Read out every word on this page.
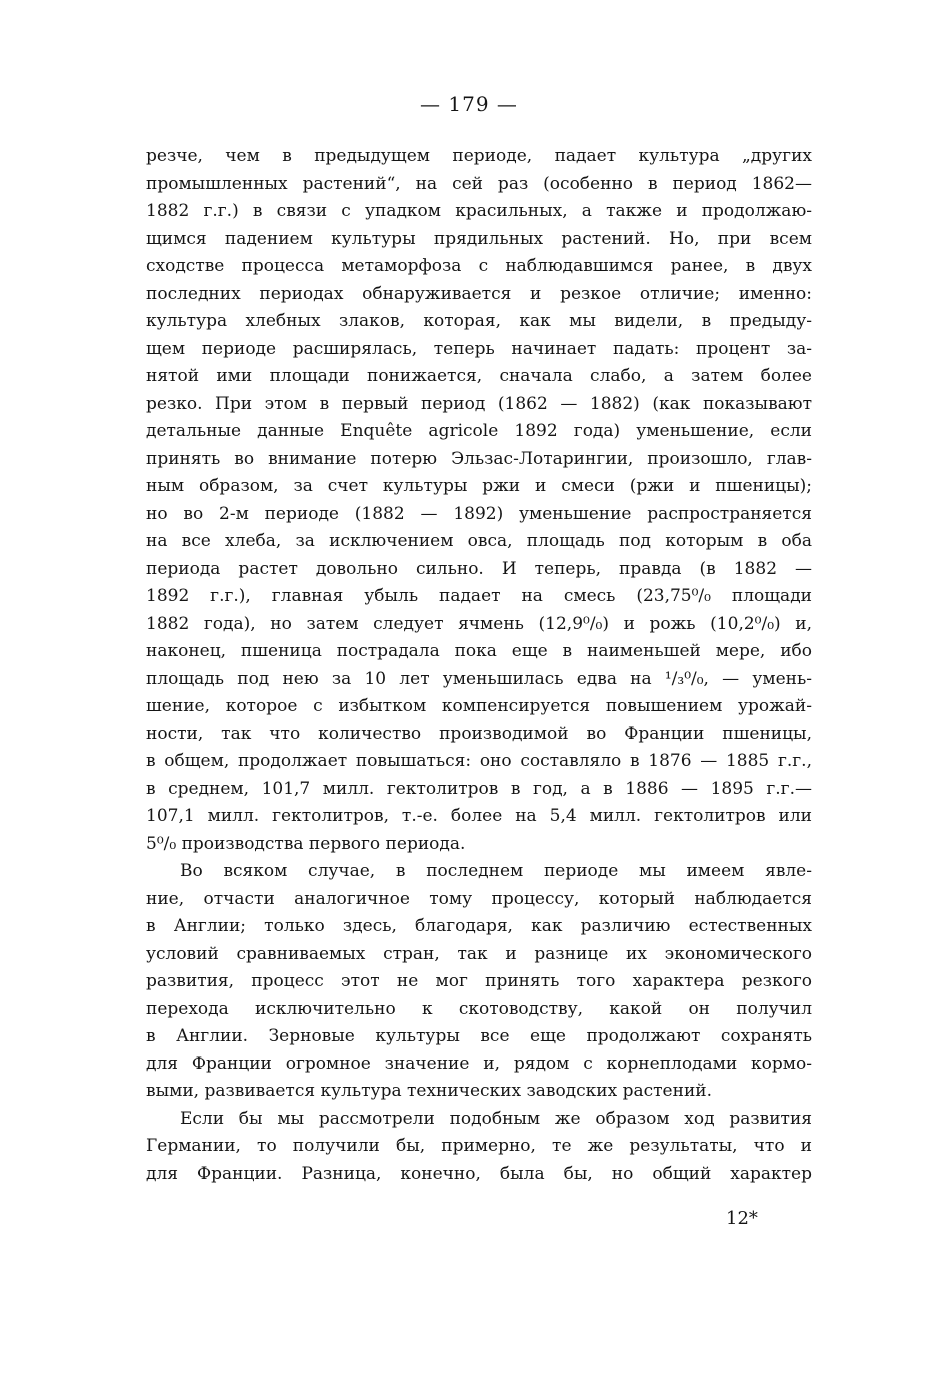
— 179 —
резче, чем в предыдущем периоде, падает культура „других
промышленных растений“, на сей раз (особенно в период 1862—
1882 г.г.) в связи с упадком красильных, а также и продолжаю-
щимся падением культуры прядильных растений. Но, при всем
сходстве процесса метаморфоза с наблюдавшимся ранее, в двух
последних периодах обнаруживается и резкое отличие; именно:
культура хлебных злаков, которая, как мы видели, в предыду-
щем периоде расширялась, теперь начинает падать: процент за-
нятой ими площади понижается, сначала слабо, а затем более
резко. При этом в первый период (1862 — 1882) (как показывают
детальные данные Enquête agricole 1892 года) уменьшение, если
принять во внимание потерю Эльзас-Лотарингии, произошло, глав-
ным образом, за счет культуры ржи и смеси (ржи и пшеницы);
но во 2-м периоде (1882 — 1892) уменьшение распространяется
на все хлеба, за исключением овса, площадь под которым в оба
периода растет довольно сильно. И теперь, правда (в 1882 —
1892 г.г.), главная убыль падает на смесь (23,75⁰/₀ площади
1882 года), но затем следует ячмень (12,9⁰/₀) и рожь (10,2⁰/₀) и,
наконец, пшеница пострадала пока еще в наименьшей мере, ибо
площадь под нею за 10 лет уменьшилась едва на ¹/₃⁰/₀, — умень-
шение, которое с избытком компенсируется повышением урожай-
ности, так что количество производимой во Франции пшеницы,
в общем, продолжает повышаться: оно составляло в 1876 — 1885 г.г.,
в среднем, 101,7 милл. гектолитров в год, а в 1886 — 1895 г.г.—
107,1 милл. гектолитров, т.-е. более на 5,4 милл. гектолитров или
5⁰/₀ производства первого периода.
Во всяком случае, в последнем периоде мы имеем явле-
ние, отчасти аналогичное тому процессу, который наблюдается
в Англии; только здесь, благодаря, как различию естественных
условий сравниваемых стран, так и разнице их экономического
развития, процесс этот не мог принять того характера резкого
перехода исключительно к скотоводству, какой он получил
в Англии. Зерновые культуры все еще продолжают сохранять
для Франции огромное значение и, рядом с корнеплодами кормо-
выми, развивается культура технических заводских растений.
Если бы мы рассмотрели подобным же образом ход развития
Германии, то получили бы, примерно, те же результаты, что и
для Франции. Разница, конечно, была бы, но общий характер
12*
